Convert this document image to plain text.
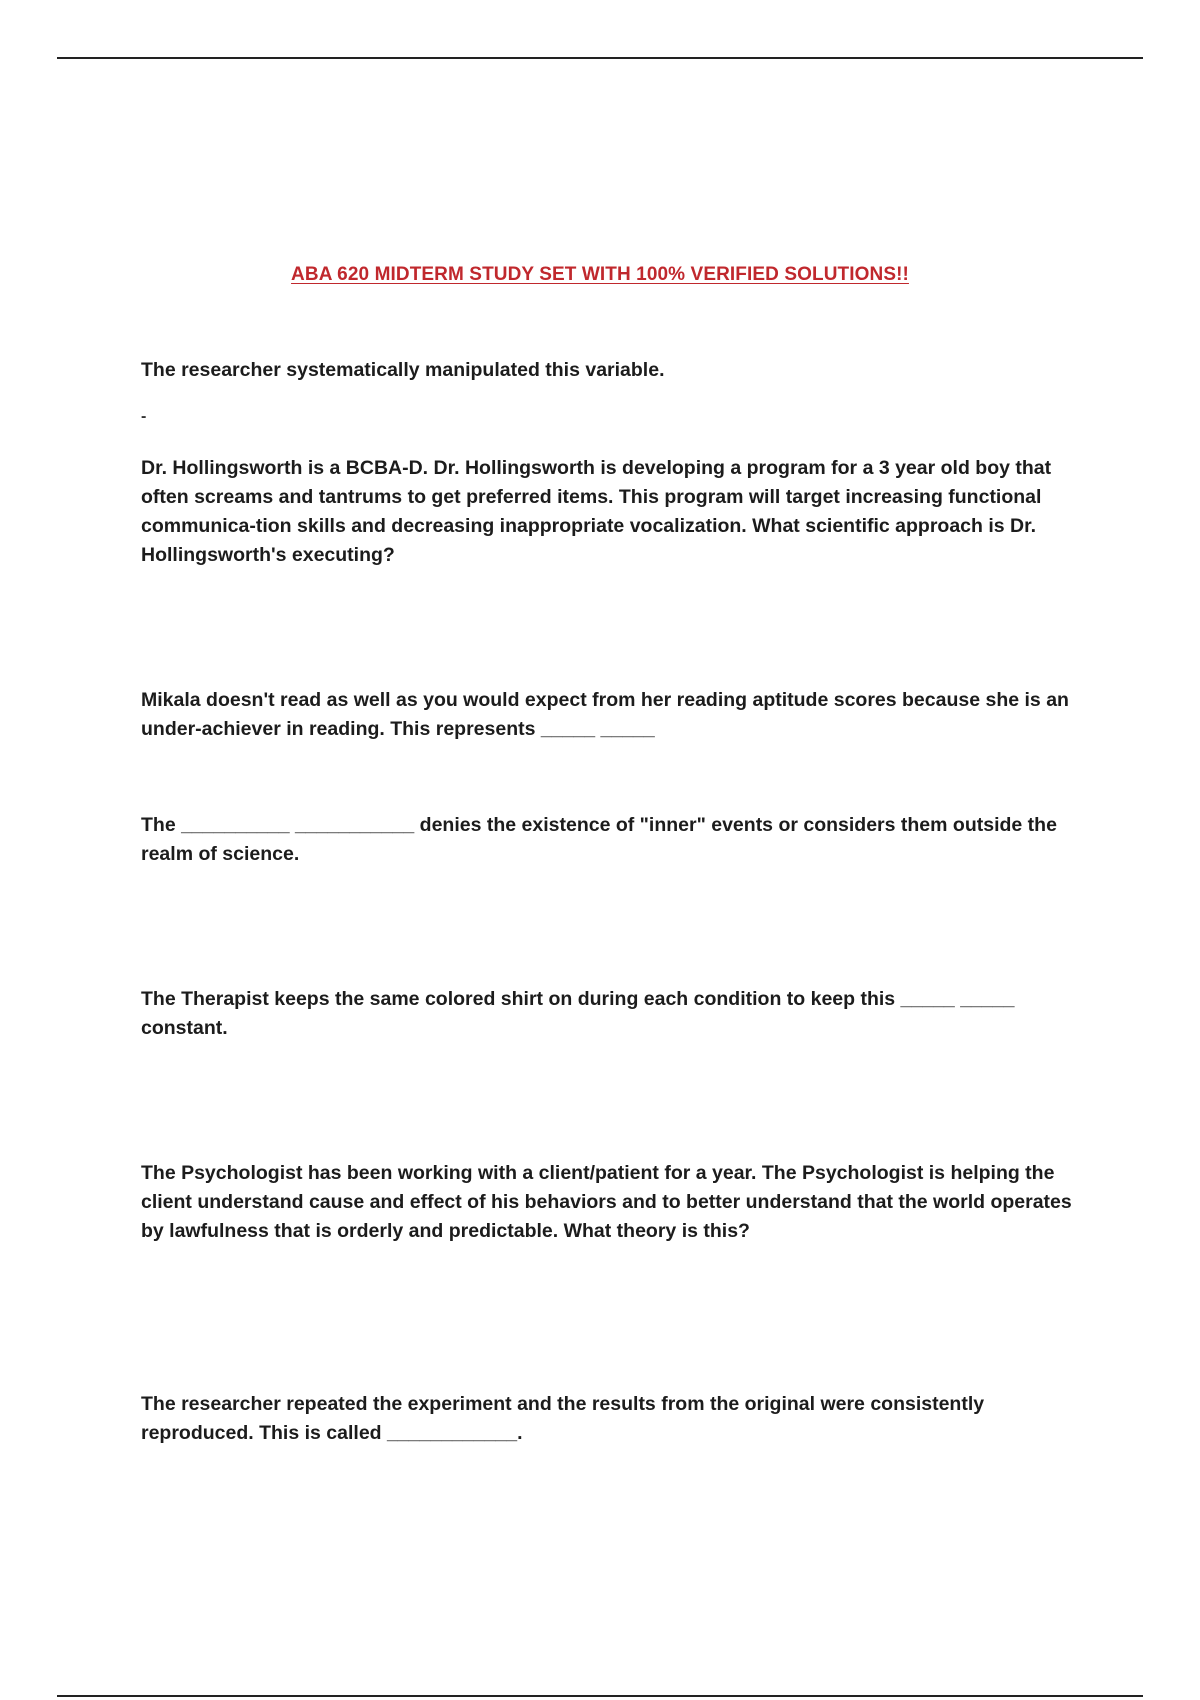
ABA 620 MIDTERM STUDY SET WITH 100% VERIFIED SOLUTIONS!!

The researcher systematically manipulated this variable.

-

Dr. Hollingsworth is a BCBA-D. Dr. Hollingsworth is developing a program for a 3 year old boy that often screams and tantrums to get preferred items. This program will target increasing functional communica-tion skills and decreasing inappropriate vocalization. What scientific approach is Dr. Hollingsworth's executing?

Mikala doesn't read as well as you would expect from her reading aptitude scores because she is an under-achiever in reading. This represents _____ _____

The __________ ___________ denies the existence of "inner" events or considers them outside the realm of science.

The Therapist keeps the same colored shirt on during each condition to keep this _____ _____ constant.

The Psychologist has been working with a client/patient for a year. The Psychologist is helping the client understand cause and effect of his behaviors and to better understand that the world operates by lawfulness that is orderly and predictable. What theory is this?

The researcher repeated the experiment and the results from the original were consistently reproduced. This is called ____________.
